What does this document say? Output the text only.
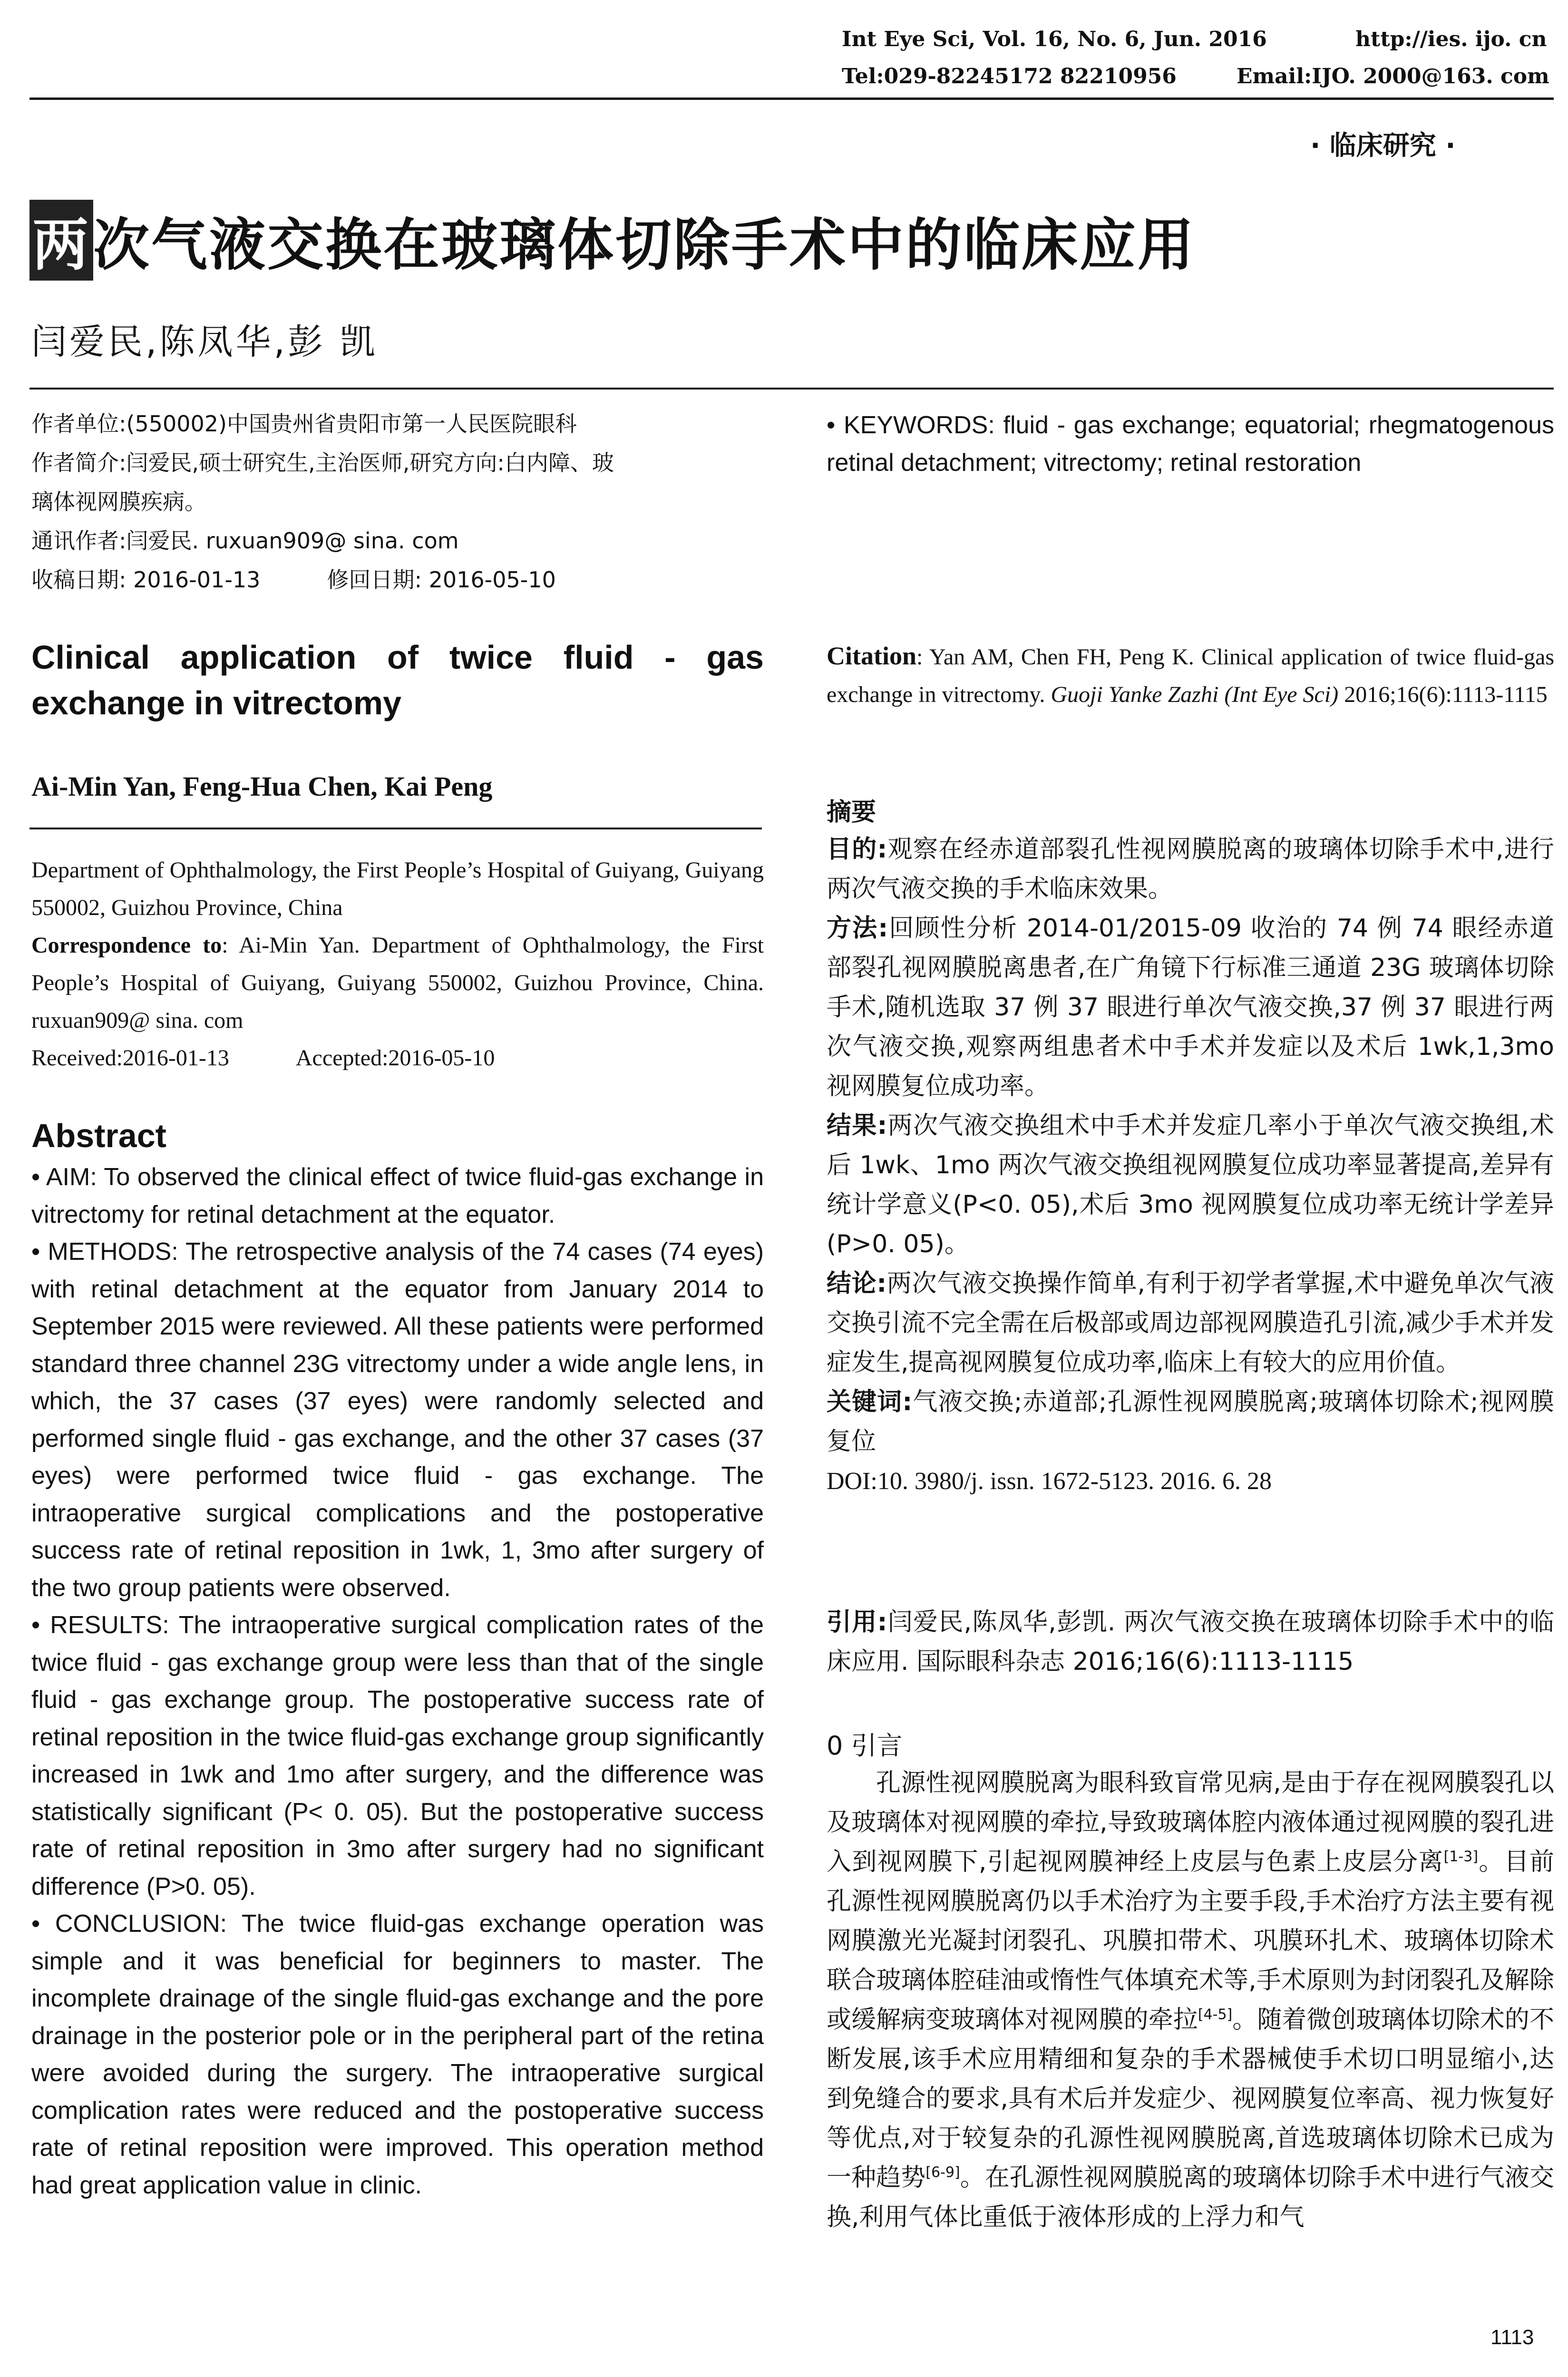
Int Eye Sci, Vol. 16, No. 6, Jun. 2016	http://ies. ijo. cn
Tel:029-82245172 82210956	Email:IJO. 2000@163. com
· 临床研究 ·
两次气液交换在玻璃体切除手术中的临床应用
闫爱民,陈凤华,彭 凯
作者单位:(550002)中国贵州省贵阳市第一人民医院眼科
作者简介:闫爱民,硕士研究生,主治医师,研究方向:白内障、玻
璃体视网膜疾病。
通讯作者:闫爱民. ruxuan909@ sina. com
收稿日期: 2016-01-13	修回日期: 2016-05-10
Clinical application of twice fluid - gas exchange in vitrectomy
Ai-Min Yan, Feng-Hua Chen, Kai Peng

Department of Ophthalmology, the First People’s Hospital of Guiyang, Guiyang 550002, Guizhou Province, China

Correspondence to: Ai-Min Yan. Department of Ophthalmology, the First People’s Hospital of Guiyang, Guiyang 550002, Guizhou Province, China. ruxuan909@ sina. com

Received:2016-01-13	Accepted:2016-05-10

Abstract

• AIM: To observed the clinical effect of twice fluid-gas exchange in vitrectomy for retinal detachment at the equator.

• METHODS: The retrospective analysis of the 74 cases (74 eyes) with retinal detachment at the equator from January 2014 to September 2015 were reviewed. All these patients were performed standard three channel 23G vitrectomy under a wide angle lens, in which, the 37 cases (37 eyes) were randomly selected and performed single fluid - gas exchange, and the other 37 cases (37 eyes) were performed twice fluid - gas exchange. The intraoperative surgical complications and the postoperative success rate of retinal reposition in 1wk, 1, 3mo after surgery of the two group patients were observed.

• RESULTS: The intraoperative surgical complication rates of the twice fluid - gas exchange group were less than that of the single fluid - gas exchange group. The postoperative success rate of retinal reposition in the twice fluid-gas exchange group significantly increased in 1wk and 1mo after surgery, and the difference was statistically significant (P< 0. 05). But the postoperative success rate of retinal reposition in 3mo after surgery had no significant difference (P>0. 05).

• CONCLUSION: The twice fluid-gas exchange operation was simple and it was beneficial for beginners to master. The incomplete drainage of the single fluid-gas exchange and the pore drainage in the posterior pole or in the peripheral part of the retina were avoided during the surgery. The intraoperative surgical complication rates were reduced and the postoperative success rate of retinal reposition were improved. This operation method had great application value in clinic.

• KEYWORDS: fluid - gas exchange; equatorial; rhegmatogenous retinal detachment; vitrectomy; retinal restoration

Citation: Yan AM, Chen FH, Peng K. Clinical application of twice fluid-gas exchange in vitrectomy. Guoji Yanke Zazhi (Int Eye Sci) 2016;16(6):1113-1115

摘要

目的:观察在经赤道部裂孔性视网膜脱离的玻璃体切除手术中,进行两次气液交换的手术临床效果。

方法:回顾性分析 2014-01/2015-09 收治的 74 例 74 眼经赤道部裂孔视网膜脱离患者,在广角镜下行标准三通道 23G 玻璃体切除手术,随机选取 37 例 37 眼进行单次气液交换,37 例 37 眼进行两次气液交换,观察两组患者术中手术并发症以及术后 1wk,1,3mo 视网膜复位成功率。

结果:两次气液交换组术中手术并发症几率小于单次气液交换组,术后 1wk、1mo 两次气液交换组视网膜复位成功率显著提高,差异有统计学意义(P<0. 05),术后 3mo 视网膜复位成功率无统计学差异(P>0. 05)。

结论:两次气液交换操作简单,有利于初学者掌握,术中避免单次气液交换引流不完全需在后极部或周边部视网膜造孔引流,减少手术并发症发生,提高视网膜复位成功率,临床上有较大的应用价值。

关键词:气液交换;赤道部;孔源性视网膜脱离;玻璃体切除术;视网膜复位

DOI:10. 3980/j. issn. 1672-5123. 2016. 6. 28

引用:闫爱民,陈凤华,彭凯. 两次气液交换在玻璃体切除手术中的临床应用. 国际眼科杂志 2016;16(6):1113-1115

0 引言

孔源性视网膜脱离为眼科致盲常见病,是由于存在视网膜裂孔以及玻璃体对视网膜的牵拉,导致玻璃体腔内液体通过视网膜的裂孔进入到视网膜下,引起视网膜神经上皮层与色素上皮层分离[1-3]。目前孔源性视网膜脱离仍以手术治疗为主要手段,手术治疗方法主要有视网膜激光光凝封闭裂孔、巩膜扣带术、巩膜环扎术、玻璃体切除术联合玻璃体腔硅油或惰性气体填充术等,手术原则为封闭裂孔及解除或缓解病变玻璃体对视网膜的牵拉[4-5]。随着微创玻璃体切除术的不断发展,该手术应用精细和复杂的手术器械使手术切口明显缩小,达到免缝合的要求,具有术后并发症少、视网膜复位率高、视力恢复好等优点,对于较复杂的孔源性视网膜脱离,首选玻璃体切除术已成为一种趋势[6-9]。在孔源性视网膜脱离的玻璃体切除手术中进行气液交换,利用气体比重低于液体形成的上浮力和气

1113
